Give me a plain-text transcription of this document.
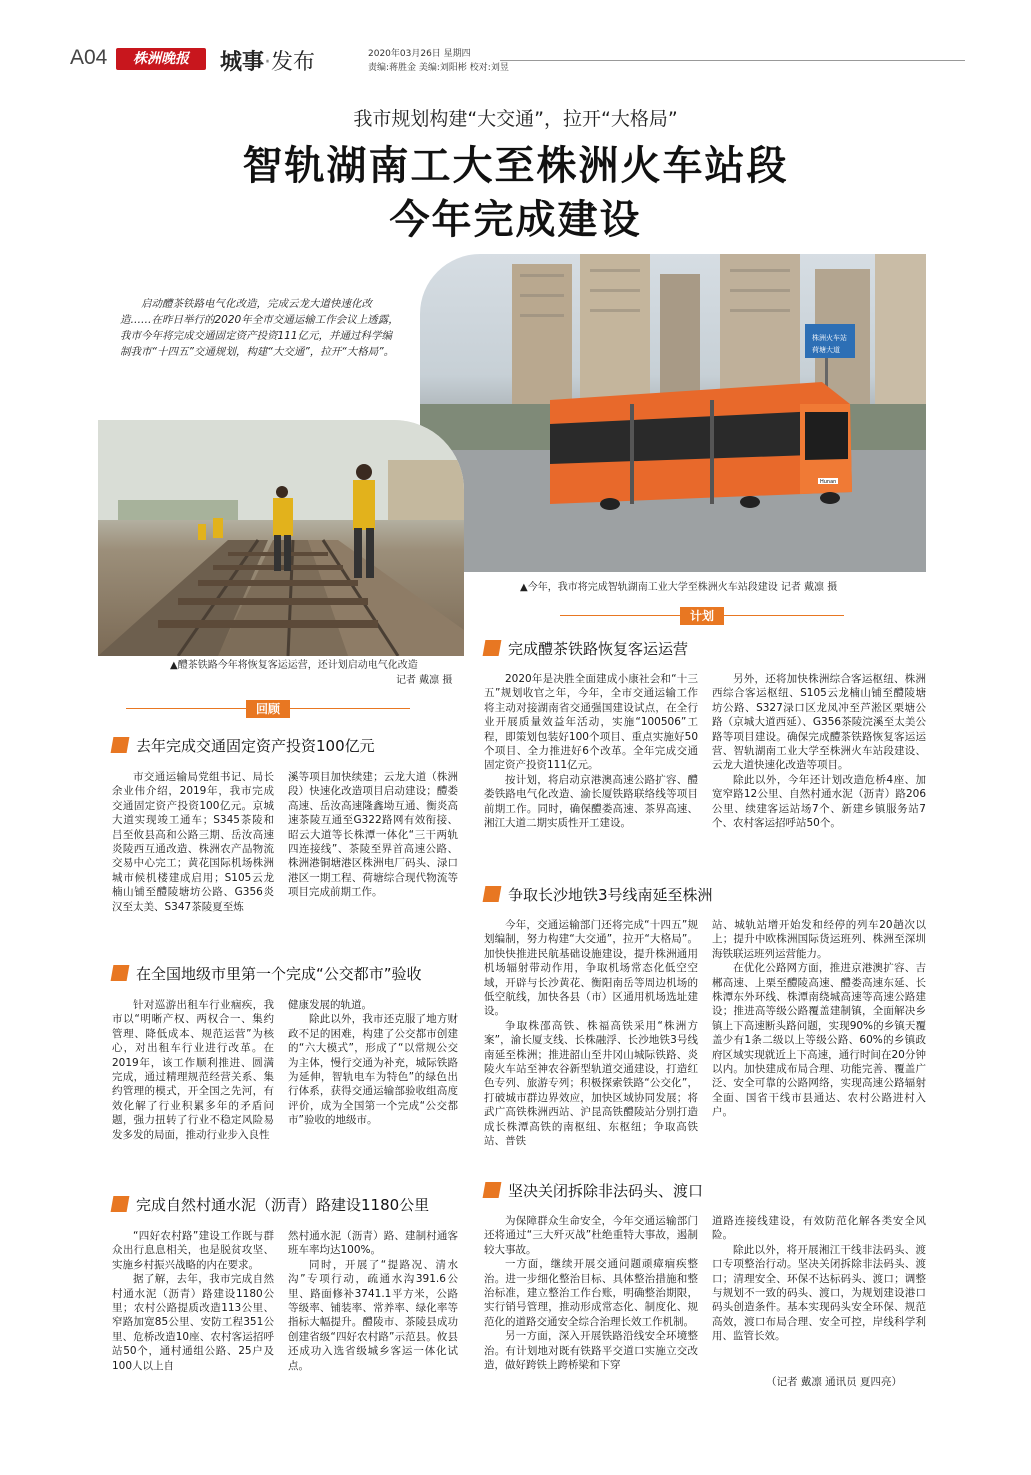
A04	株洲晚报	城事·发布	2020年03月26日 星期四
责编:蒋胜金 美编:刘阳彬 校对:刘昱
我市规划构建“大交通”，拉开“大格局”
智轨湖南工大至株洲火车站段
今年完成建设
启动醴茶铁路电气化改造，完成云龙大道快速化改造……在昨日举行的2020年全市交通运输工作会议上透露，我市今年将完成交通固定资产投资111亿元，并通过科学编制我市“十四五”交通规划，构建“大交通”，拉开“大格局”。
株洲火车站
荷塘大道
Hunan
▲今年，我市将完成智轨湖南工业大学至株洲火车站段建设 记者 戴凛 摄
▲醴茶铁路今年将恢复客运运营，还计划启动电气化改造
记者 戴凛 摄
计划
回顾
去年完成交通固定资产投资100亿元

市交通运输局党组书记、局长余业伟介绍，2019年，我市完成交通固定资产投资100亿元。京城大道实现竣工通车；S345茶陵和吕至攸县高和公路三期、岳汝高速炎陵西互通改造、株洲农产品物流交易中心完工；黄花国际机场株洲城市候机楼建成启用；S105云龙楠山铺至醴陵塘坊公路、G356炎汉至太美、S347茶陵夏至炼

溪等项目加快续建；云龙大道（株洲段）快速化改造项目启动建设；醴娄高速、岳汝高速隆鑫坳互通、衡炎高速茶陵互通至G322路网有效衔接、昭云大道等长株潭一体化“三干两轨四连接线”、茶陵至界首高速公路、株洲港铜塘港区株洲电厂码头、渌口港区一期工程、荷塘综合现代物流等项目完成前期工作。

在全国地级市里第一个完成“公交都市”验收

针对巡游出租车行业痼疾，我市以“明晰产权、两权合一、集约管理、降低成本、规范运营”为核心，对出租车行业进行改革。在2019年，该工作顺利推进、圆满完成，通过精理规范经营关系、集约管理的模式，开全国之先河，有效化解了行业积累多年的矛盾问题，强力扭转了行业不稳定风险易发多发的局面，推动行业步入良性

健康发展的轨道。

除此以外，我市还克服了地方财政不足的困难，构建了公交都市创建的“六大模式”，形成了“以常规公交为主体，慢行交通为补充，城际铁路为延伸，智轨电车为特色”的绿色出行体系，获得交通运输部验收组高度评价，成为全国第一个完成“公交都市”验收的地级市。

完成自然村通水泥（沥青）路建设1180公里

“四好农村路”建设工作既与群众出行息息相关，也是脱贫攻坚、实施乡村振兴战略的内在要求。

据了解，去年，我市完成自然村通水泥（沥青）路建设1180公里；农村公路提质改造113公里、窄路加宽85公里、安防工程351公里、危桥改造10座、农村客运招呼站50个，通村通组公路、25户及100人以上自

然村通水泥（沥青）路、建制村通客班车率均达100%。

同时，开展了“提路况、清水沟”专项行动，疏通水沟391.6公里、路面修补3741.1平方米，公路等级率、铺装率、常养率、绿化率等指标大幅提升。醴陵市、茶陵县成功创建省级“四好农村路”示范县。攸县还成功入选省级城乡客运一体化试点。

完成醴茶铁路恢复客运运营

2020年是决胜全面建成小康社会和“十三五”规划收官之年，今年，全市交通运输工作将主动对接湖南省交通强国建设试点，在全行业开展质量效益年活动，实施“100506”工程，即策划包装好100个项目、重点实施好50个项目、全力推进好6个改革。全年完成交通固定资产投资111亿元。

按计划，将启动京港澳高速公路扩容、醴娄铁路电气化改造、渝长厦铁路联络线等项目前期工作。同时，确保醴娄高速、茶界高速、湘江大道二期实质性开工建设。

另外，还将加快株洲综合客运枢纽、株洲西综合客运枢纽、S105云龙楠山铺至醴陵塘坊公路、S327渌口区龙凤冲至芦淞区栗塘公路（京城大道西延）、G356茶陵浣溪至太美公路等项目建设。确保完成醴茶铁路恢复客运运营、智轨湖南工业大学至株洲火车站段建设、云龙大道快速化改造等项目。

除此以外，今年还计划改造危桥4座、加宽窄路12公里、自然村通水泥（沥青）路206公里、续建客运站场7个、新建乡镇服务站7个、农村客运招呼站50个。

争取长沙地铁3号线南延至株洲

今年，交通运输部门还将完成“十四五”规划编制，努力构建“大交通”，拉开“大格局”。加快快推进民航基础设施建设，提升株洲通用机场辐射带动作用，争取机场常态化低空空域，开辟与长沙黄花、衡阳南岳等周边机场的低空航线，加快各县（市）区通用机场选址建设。

争取株邵高铁、株福高铁采用“株洲方案”，渝长厦支线、长株融浮、长沙地铁3号线南延至株洲；推进韶山至井冈山城际铁路、炎陵火车站至神农谷新型轨道交通建设，打造红色专列、旅游专列；积极探索铁路“公交化”，打破城市群边界效应，加快区域协同发展；将武广高铁株洲西站、沪昆高铁醴陵站分别打造成长株潭高铁的南枢纽、东枢纽；争取高铁站、普铁

站、城轨站增开始发和经停的列车20趟次以上；提升中欧株洲国际货运班列、株洲至深圳海铁联运班列运营能力。

在优化公路网方面，推进京港澳扩容、吉郴高速、上栗至醴陵高速、醴娄高速东延、长株潭东外环线、株潭南绕城高速等高速公路建设；推进高等级公路覆盖建制镇，全面解决乡镇上下高速断头路问题，实现90%的乡镇天覆盖少有1条二级以上等级公路、60%的乡镇政府区域实现就近上下高速，通行时间在20分钟以内。加快建成布局合理、功能完善、覆盖广泛、安全可靠的公路网络，实现高速公路辐射全面、国省干线市县通达、农村公路进村入户。

坚决关闭拆除非法码头、渡口

为保障群众生命安全，今年交通运输部门还将通过“三大歼灭战”杜绝重特大事故，遏制较大事故。

一方面，继续开展交通问题顽瘴痼疾整治。进一步细化整治目标、具体整治措施和整治标准，建立整治工作台账，明确整治期限，实行销号管理，推动形成常态化、制度化、规范化的道路交通安全综合治理长效工作机制。

另一方面，深入开展铁路沿线安全环境整治。有计划地对既有铁路平交道口实施立交改造，做好跨铁上跨桥梁和下穿

道路连接线建设，有效防范化解各类安全风险。

除此以外，将开展湘江干线非法码头、渡口专项整治行动。坚决关闭拆除非法码头、渡口；清理安全、环保不达标码头、渡口；调整与规划不一致的码头、渡口，为规划建设港口码头创造条件。基本实现码头安全环保、规范高效，渡口布局合理、安全可控，岸线科学利用、监管长效。

（记者 戴凛 通讯员 夏四亮）
